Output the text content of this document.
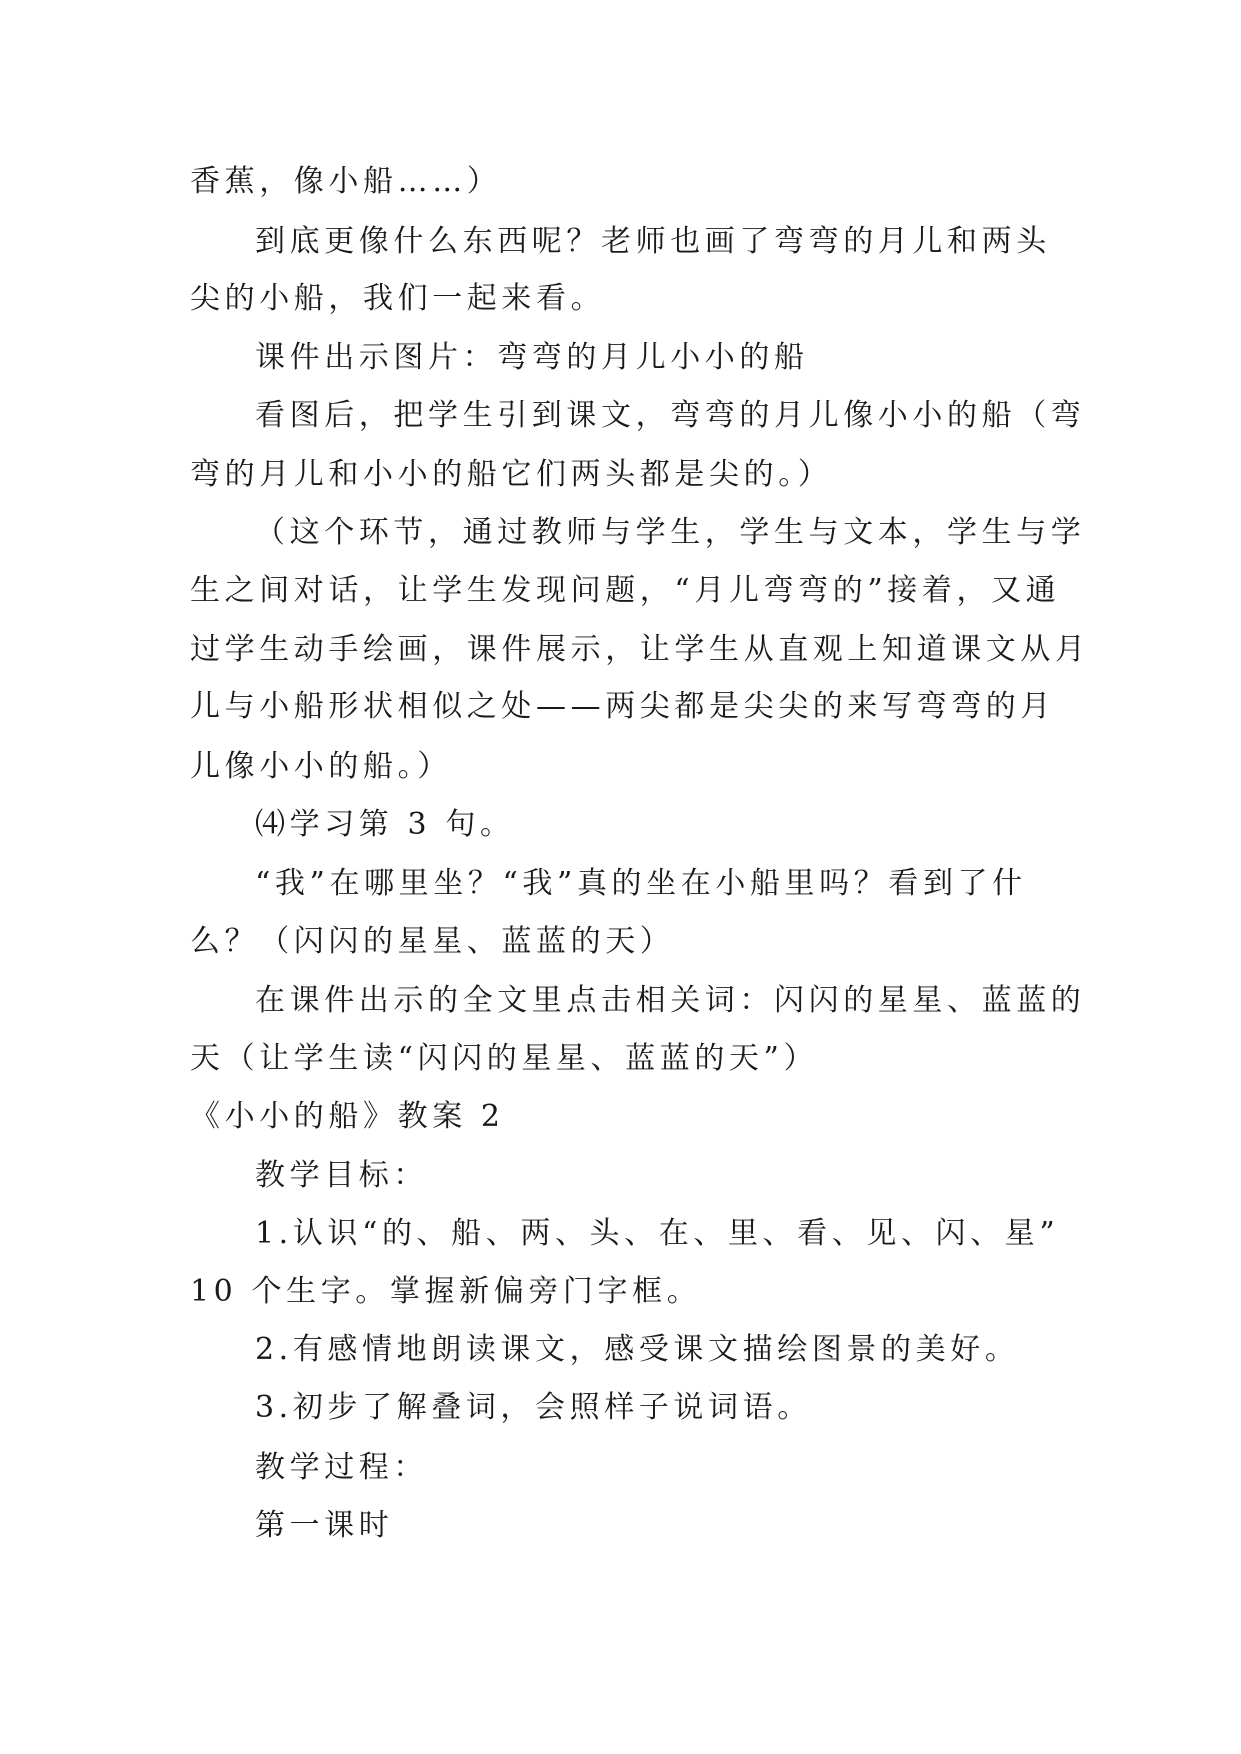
香蕉，像小船……）
到底更像什么东西呢？老师也画了弯弯的月儿和两头
尖的小船，我们一起来看。
课件出示图片：弯弯的月儿小小的船
看图后，把学生引到课文，弯弯的月儿像小小的船（弯
弯的月儿和小小的船它们两头都是尖的。）
（这个环节，通过教师与学生，学生与文本，学生与学
生之间对话，让学生发现问题，“月儿弯弯的”接着，又通
过学生动手绘画，课件展示，让学生从直观上知道课文从月
儿与小船形状相似之处——两尖都是尖尖的来写弯弯的月
儿像小小的船。）
⑷学习第 3 句。
“我”在哪里坐？“我”真的坐在小船里吗？看到了什
么？（闪闪的星星、蓝蓝的天）
在课件出示的全文里点击相关词：闪闪的星星、蓝蓝的
天（让学生读“闪闪的星星、蓝蓝的天”）
《小小的船》教案 2
教学目标：
1.认识“的、船、两、头、在、里、看、见、闪、星”
10 个生字。掌握新偏旁门字框。
2.有感情地朗读课文，感受课文描绘图景的美好。
3.初步了解叠词，会照样子说词语。
教学过程：
第一课时
